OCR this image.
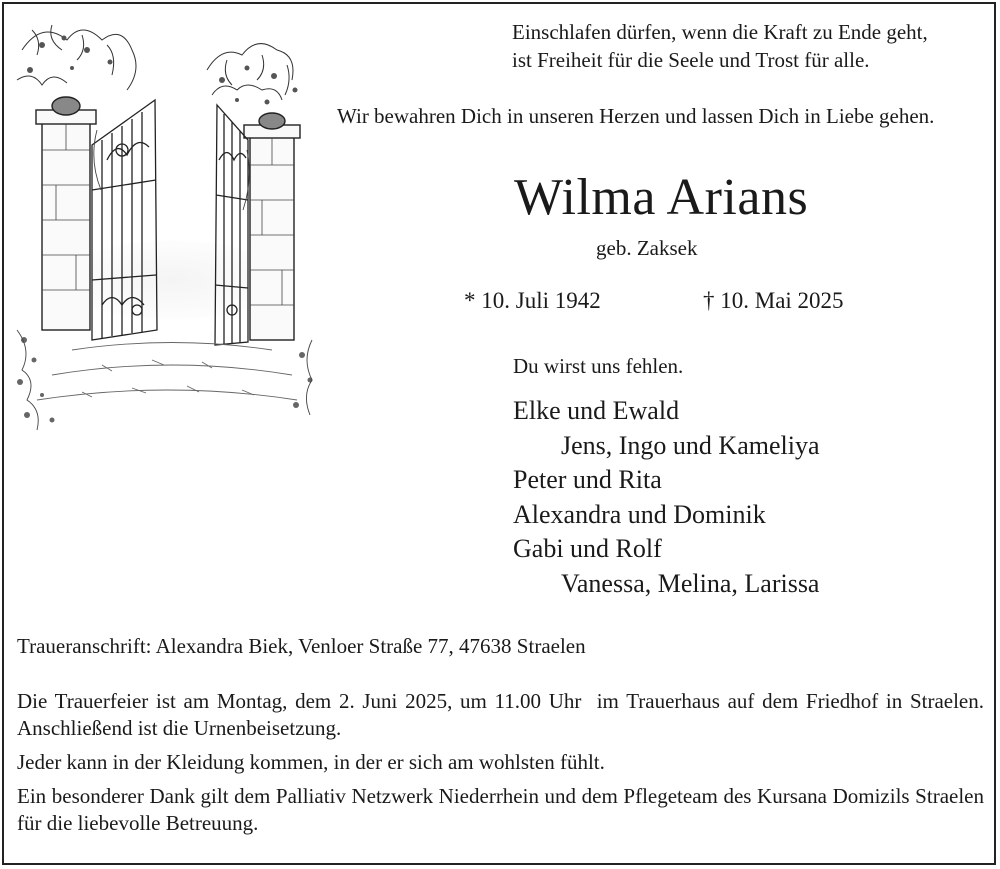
Einschlafen dürfen, wenn die Kraft zu Ende geht,
ist Freiheit für die Seele und Trost für alle.
Wir bewahren Dich in unseren Herzen und lassen Dich in Liebe gehen.
Wilma Arians
geb. Zaksek
* 10. Juli 1942	† 10. Mai 2025
Du wirst uns fehlen.
Elke und Ewald
Jens, Ingo und Kameliya
Peter und Rita
Alexandra und Dominik
Gabi und Rolf
Vanessa, Melina, Larissa
Traueranschrift: Alexandra Biek, Venloer Straße 77, 47638 Straelen

Die Trauerfeier ist am Montag, dem 2. Juni 2025, um 11.00 Uhr  im Trauerhaus auf dem Friedhof in Straelen. Anschließend ist die Urnenbeisetzung.

Jeder kann in der Kleidung kommen, in der er sich am wohlsten fühlt.

Ein besonderer Dank gilt dem Palliativ Netzwerk Niederrhein und dem Pflegeteam des Kursana Domizils Straelen für die liebevolle Betreuung.
